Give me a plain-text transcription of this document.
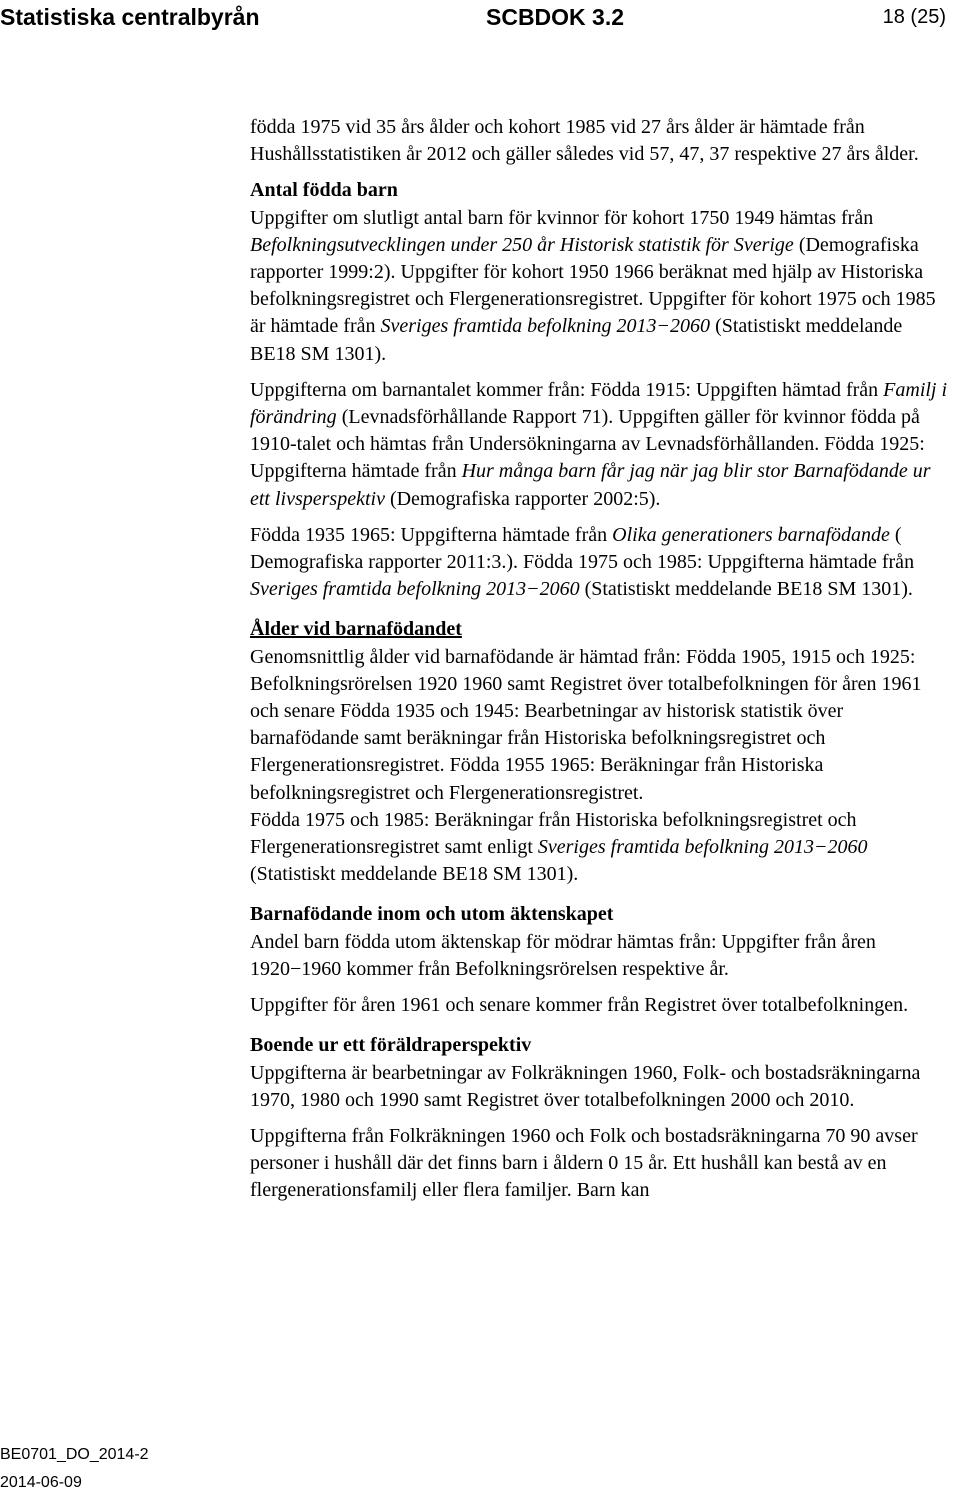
Statistiska centralbyrån	SCBDOK 3.2	18 (25)

födda 1975 vid 35 års ålder och kohort 1985 vid 27 års ålder är hämtade från Hushållsstatistiken år 2012 och gäller således vid 57, 47, 37 respektive 27 års ålder.

Antal födda barn

Uppgifter om slutligt antal barn för kvinnor för kohort 1750 1949 hämtas från Befolkningsutvecklingen under 250 år Historisk statistik för Sverige (Demografiska rapporter 1999:2). Uppgifter för kohort 1950 1966 beräknat med hjälp av Historiska befolkningsregistret och Flergenerationsregistret. Uppgifter för kohort 1975 och 1985 är hämtade från Sveriges framtida befolkning 2013−2060 (Statistiskt meddelande BE18 SM 1301).

Uppgifterna om barnantalet kommer från: Födda 1915: Uppgiften hämtad från Familj i förändring (Levnadsförhållande Rapport 71). Uppgiften gäller för kvinnor födda på 1910-talet och hämtas från Undersökningarna av Levnadsförhållanden. Födda 1925: Uppgifterna hämtade från Hur många barn får jag när jag blir stor Barnafödande ur ett livsperspektiv (Demografiska rapporter 2002:5).

Födda 1935 1965: Uppgifterna hämtade från Olika generationers barnafödande ( Demografiska rapporter 2011:3.). Födda 1975 och 1985: Uppgifterna hämtade från Sveriges framtida befolkning 2013−2060 (Statistiskt meddelande BE18 SM 1301).

Ålder vid barnafödandet

Genomsnittlig ålder vid barnafödande är hämtad från: Födda 1905, 1915 och 1925: Befolkningsrörelsen 1920 1960 samt Registret över totalbefolkningen för åren 1961 och senare Födda 1935 och 1945: Bearbetningar av historisk statistik över barnafödande samt beräkningar från Historiska befolkningsregistret och Flergenerationsregistret. Födda 1955 1965: Beräkningar från Historiska befolkningsregistret och Flergenerationsregistret.

Födda 1975 och 1985: Beräkningar från Historiska befolkningsregistret och Flergenerationsregistret samt enligt Sveriges framtida befolkning 2013−2060 (Statistiskt meddelande BE18 SM 1301).

Barnafödande inom och utom äktenskapet

Andel barn födda utom äktenskap för mödrar hämtas från: Uppgifter från åren 1920−1960 kommer från Befolkningsrörelsen respektive år.

Uppgifter för åren 1961 och senare kommer från Registret över totalbefolkningen.

Boende ur ett föräldraperspektiv

Uppgifterna är bearbetningar av Folkräkningen 1960, Folk- och bostadsräkningarna 1970, 1980 och 1990 samt Registret över totalbefolkningen 2000 och 2010.

Uppgifterna från Folkräkningen 1960 och Folk och bostadsräkningarna 70 90 avser personer i hushåll där det finns barn i åldern 0 15 år. Ett hushåll kan bestå av en flergenerationsfamilj eller flera familjer. Barn kan

BE0701_DO_2014-2
2014-06-09
